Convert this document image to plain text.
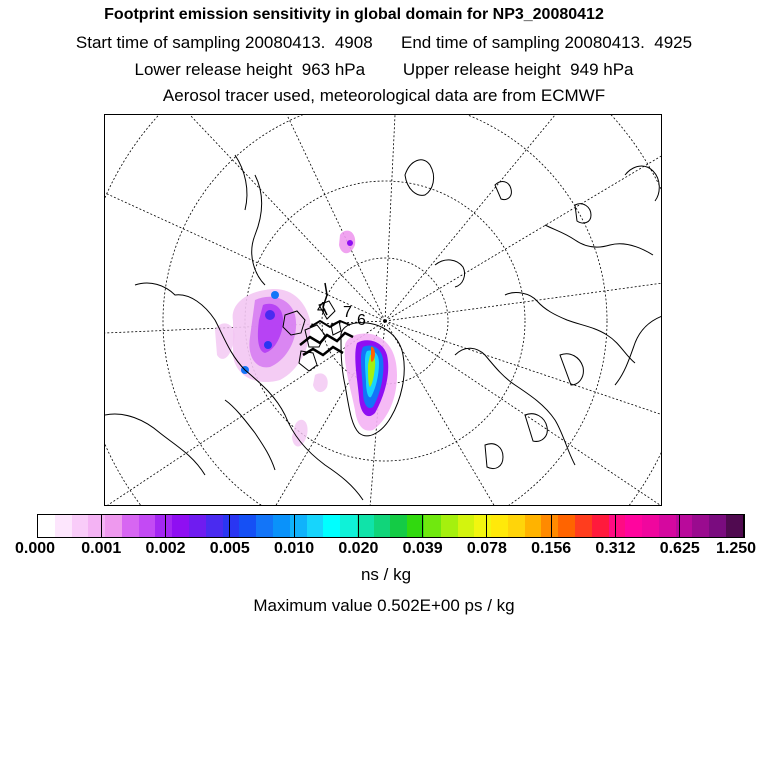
Footprint emission sensitivity in global domain for NP3_20080412
Start time of sampling 20080413.  4908      End time of sampling 20080413.  4925
Lower release height  963 hPa        Upper release height  949 hPa
Aerosol tracer used, meteorological data are from ECMWF
4 7 6
0.000 0.001 0.002 0.005 0.010 0.020 0.039 0.078 0.156 0.312 0.625 1.250
ns / kg
Maximum value 0.502E+00 ps / kg
